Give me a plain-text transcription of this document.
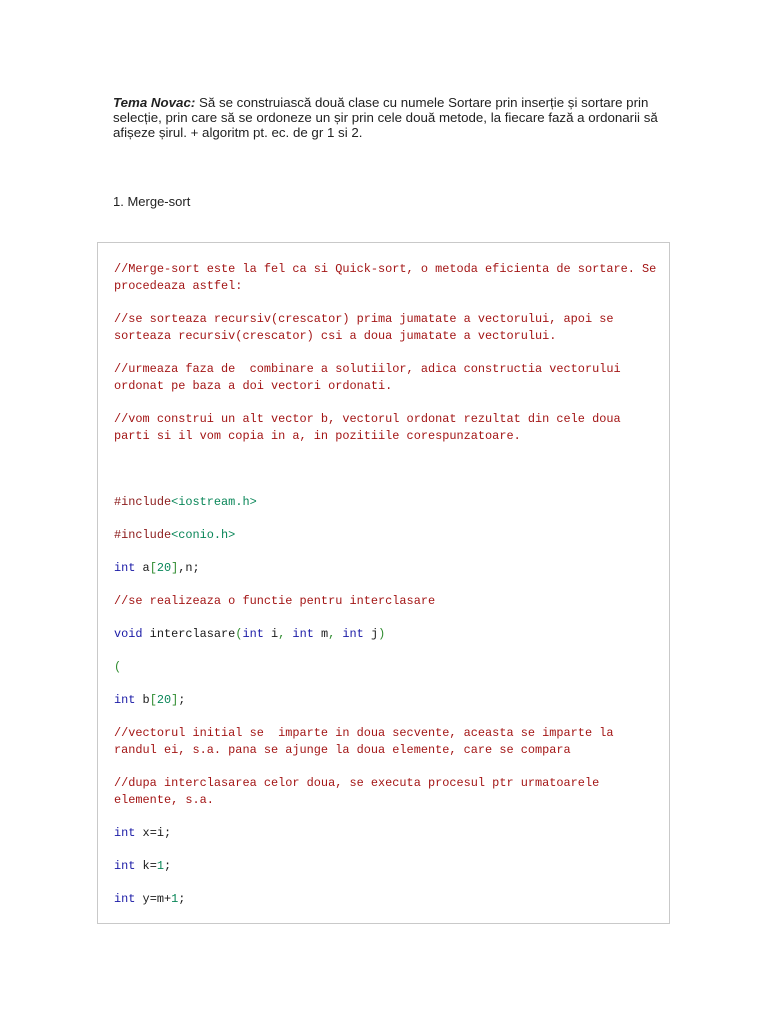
Tema Novac: Să se construiască două clase cu numele Sortare prin inserție și sortare prin selecție, prin care să se ordoneze un șir prin cele două metode, la fiecare fază a ordonarii să afișeze șirul. + algoritm pt. ec. de gr 1 si 2.
1. Merge-sort
//Merge-sort este la fel ca si Quick-sort, o metoda eficienta de sortare. Se procedeaza astfel:
//se sorteaza recursiv(crescator) prima jumatate a vectorului, apoi se sorteaza recursiv(crescator) csi a doua jumatate a vectorului.
//urmeaza faza de  combinare a solutiilor, adica constructia vectorului ordonat pe baza a doi vectori ordonati.
//vom construi un alt vector b, vectorul ordonat rezultat din cele doua parti si il vom copia in a, in pozitiile corespunzatoare.
#include<iostream.h>
#include<conio.h>
int a[20],n;
//se realizeaza o functie pentru interclasare
void interclasare(int i, int m, int j)
(
int b[20];
//vectorul initial se  imparte in doua secvente, aceasta se imparte la randul ei, s.a. pana se ajunge la doua elemente, care se compara
//dupa interclasarea celor doua, se executa procesul ptr urmatoarele elemente, s.a.
int x=i;
int k=1;
int y=m+1;
